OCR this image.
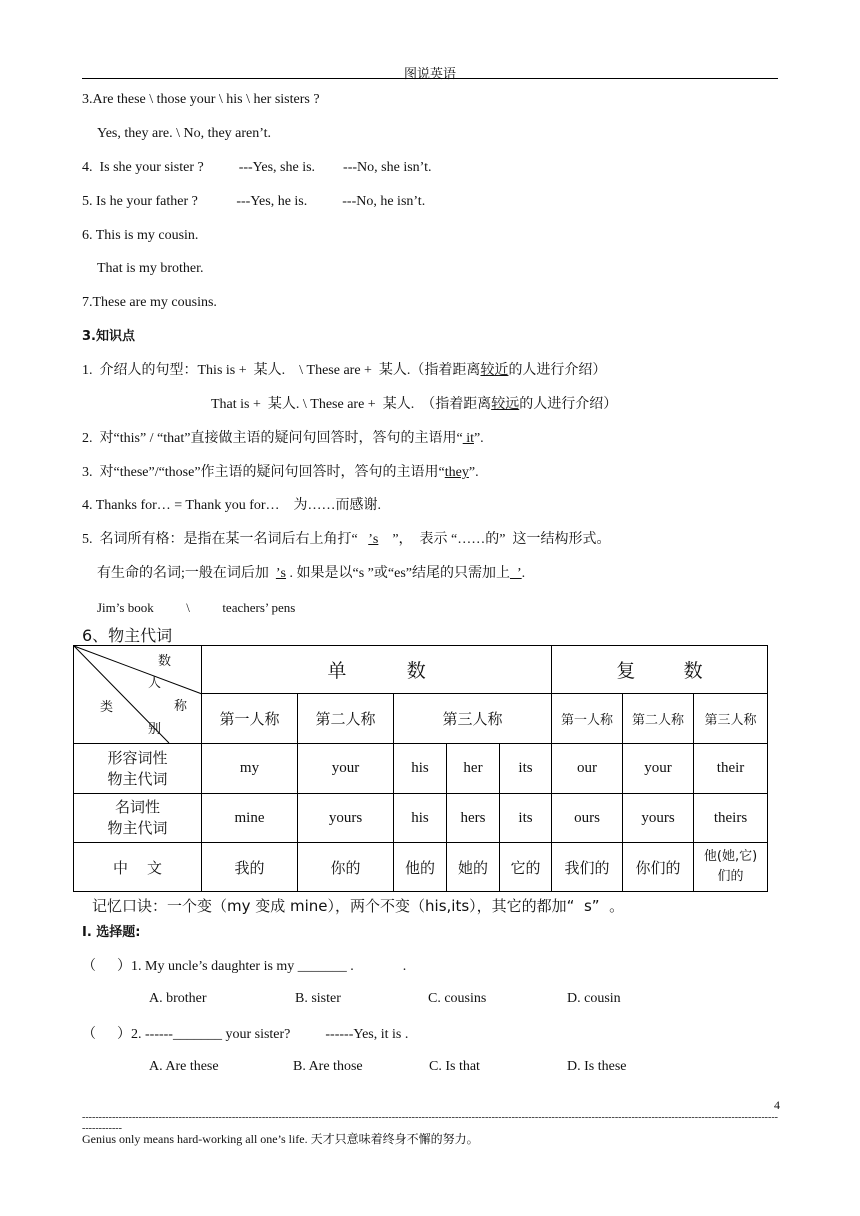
图说英语
3.Are these \ those your \ his \ her sisters ?
Yes, they are. \ No, they aren’t.
4.  Is she your sister ?          ---Yes, she is.        ---No, she isn’t.
5. Is he your father ?           ---Yes, he is.          ---No, he isn’t.
6. This is my cousin.
That is my brother.
7.These are my cousins.
3.知识点
1.  介绍人的句型：This is +  某人.    \ These are +  某人.（指着距离较近的人进行介绍）
That is +  某人. \ These are +  某人.  （指着距离较远的人进行介绍）
2.  对“this” / “that”直接做主语的疑问句回答时，答句的主语用“ it”.
3.  对“these”/“those”作主语的疑问句回答时，答句的主语用“they”.
4. Thanks for… = Thank you for…    为……而感谢.
5.  名词所有格：是指在某一名词后右上角打“   ’s    ”，  表示 “……的”  这一结构形式。
有生命的名词;一般在词后加  ’s . 如果是以“s ”或“es”结尾的只需加上  ’.
Jim’s book          \          teachers’ pens
6、物主代词
数
人
称
类
别	单          数					复        数		
	第一人称	第二人称	第三人称			第一人称	第二人称	第三人称

形容词性
物主代词	my	your	his	her	its	our	your	their

名词性
物主代词	mine	yours	his	hers	its	ours	yours	theirs
中    文	我的	你的	他的	她的	它的	我们的	你们的	他(她,它)
们的
记忆口诀：一个变（my 变成 mine），两个不变（his,its），其它的都加“  s”  。
I. 选择题:
（      ）1. My uncle’s daughter is my _______ .              .
A. brother	B. sister	C. cousins	D. cousin
（      ）2. ------_______ your sister?          ------Yes, it is .
A. Are these	B. Are those	C. Is that	D. Is these
4
-----------------------------------------------------------------------------------------------------------------------------------------------------------------------------------------------------------------------------
Genius only means hard-working all one’s life. 天才只意味着终身不懈的努力。
